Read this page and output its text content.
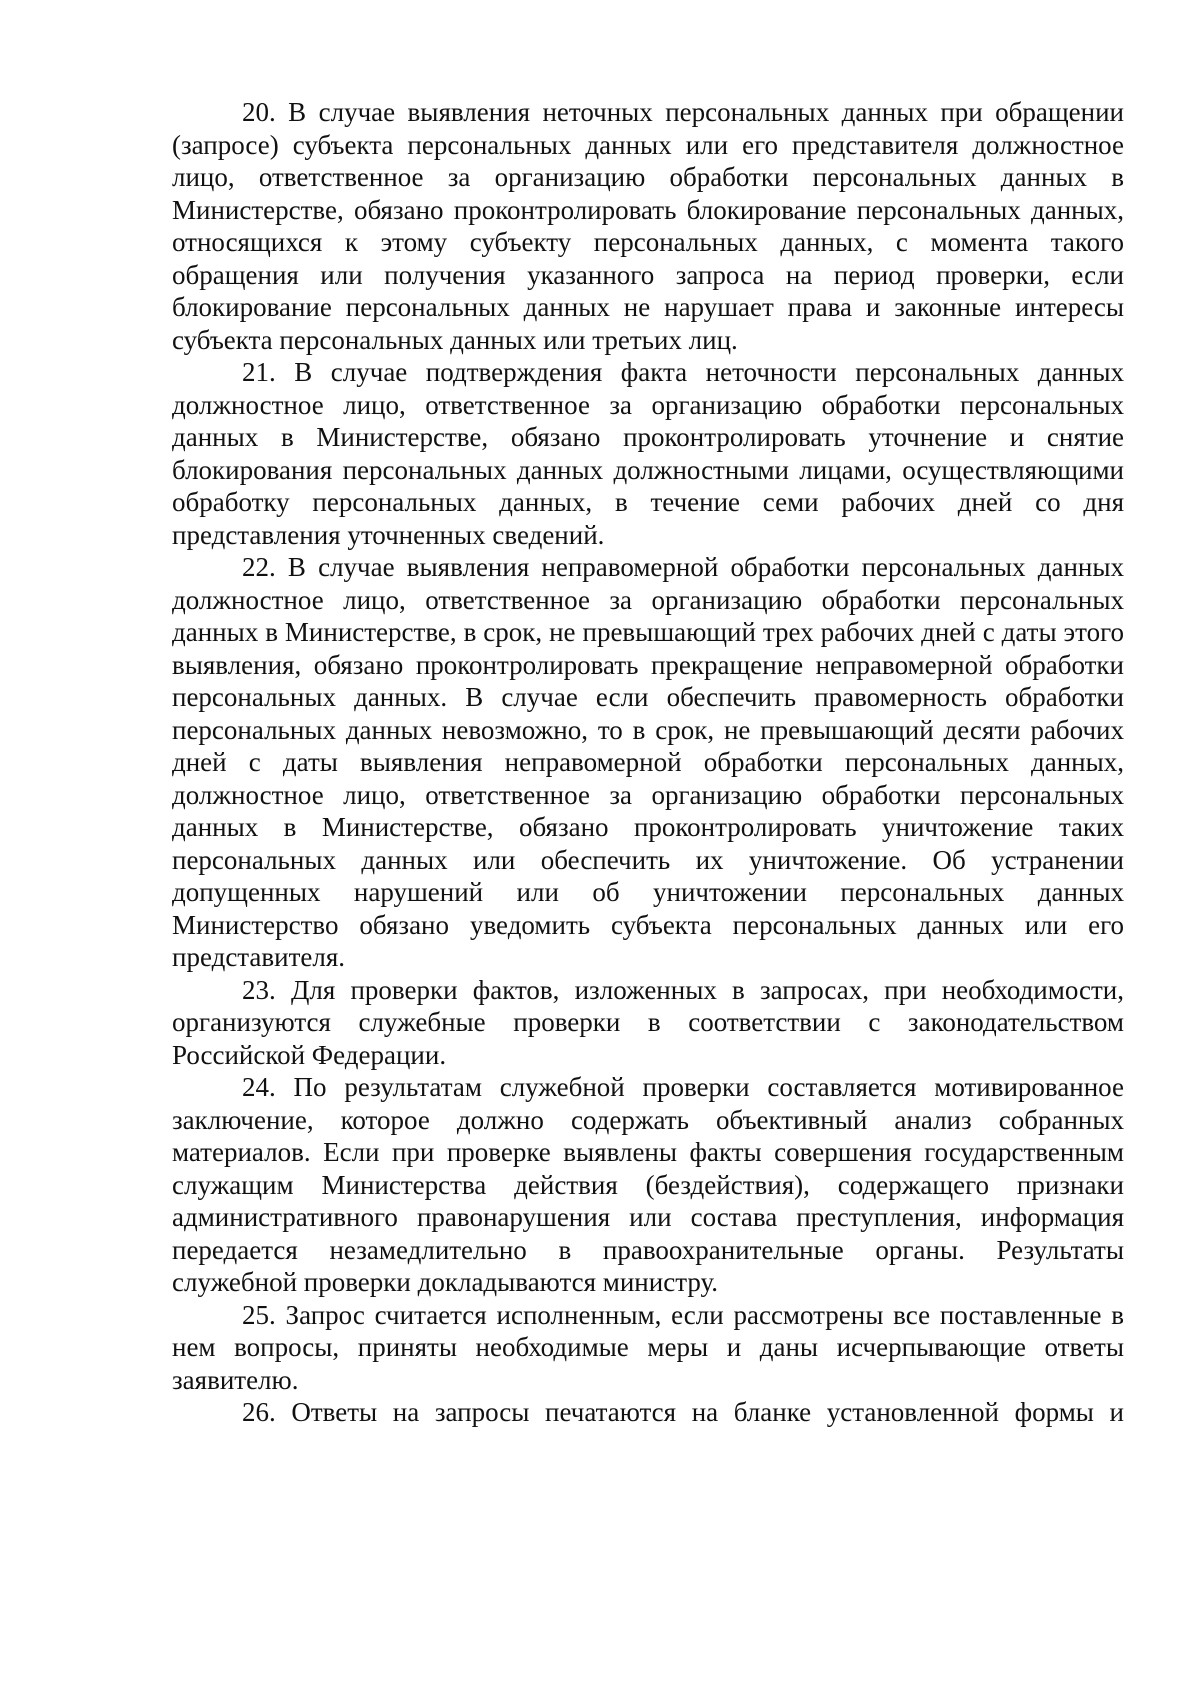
20. В случае выявления неточных персональных данных при обращении (запросе) субъекта персональных данных или его представителя должностное лицо, ответственное за организацию обработки персональных данных в Министерстве, обязано проконтролировать блокирование персональных данных, относящихся к этому субъекту персональных данных, с момента такого обращения или получения указанного запроса на период проверки, если блокирование персональных данных не нарушает права и законные интересы субъекта персональных данных или третьих лиц.

21. В случае подтверждения факта неточности персональных данных должностное лицо, ответственное за организацию обработки персональных данных в Министерстве, обязано проконтролировать уточнение и снятие блокирования персональных данных должностными лицами, осуществляющими обработку персональных данных, в течение семи рабочих дней со дня представления уточненных сведений.

22. В случае выявления неправомерной обработки персональных данных должностное лицо, ответственное за организацию обработки персональных данных в Министерстве, в срок, не превышающий трех рабочих дней с даты этого выявления, обязано проконтролировать прекращение неправомерной обработки персональных данных. В случае если обеспечить правомерность обработки персональных данных невозможно, то в срок, не превышающий десяти рабочих дней с даты выявления неправомерной обработки персональных данных, должностное лицо, ответственное за организацию обработки персональных данных в Министерстве, обязано проконтролировать уничтожение таких персональных данных или обеспечить их уничтожение. Об устранении допущенных нарушений или об уничтожении персональных данных Министерство обязано уведомить субъекта персональных данных или его представителя.

23. Для проверки фактов, изложенных в запросах, при необходимости, организуются служебные проверки в соответствии с законодательством Российской Федерации.

24. По результатам служебной проверки составляется мотивированное заключение, которое должно содержать объективный анализ собранных материалов. Если при проверке выявлены факты совершения государственным служащим Министерства действия (бездействия), содержащего признаки административного правонарушения или состава преступления, информация передается незамедлительно в правоохранительные органы. Результаты служебной проверки докладываются министру.

25. Запрос считается исполненным, если рассмотрены все поставленные в нем вопросы, приняты необходимые меры и даны исчерпывающие ответы заявителю.

26. Ответы на запросы печатаются на бланке установленной формы и
